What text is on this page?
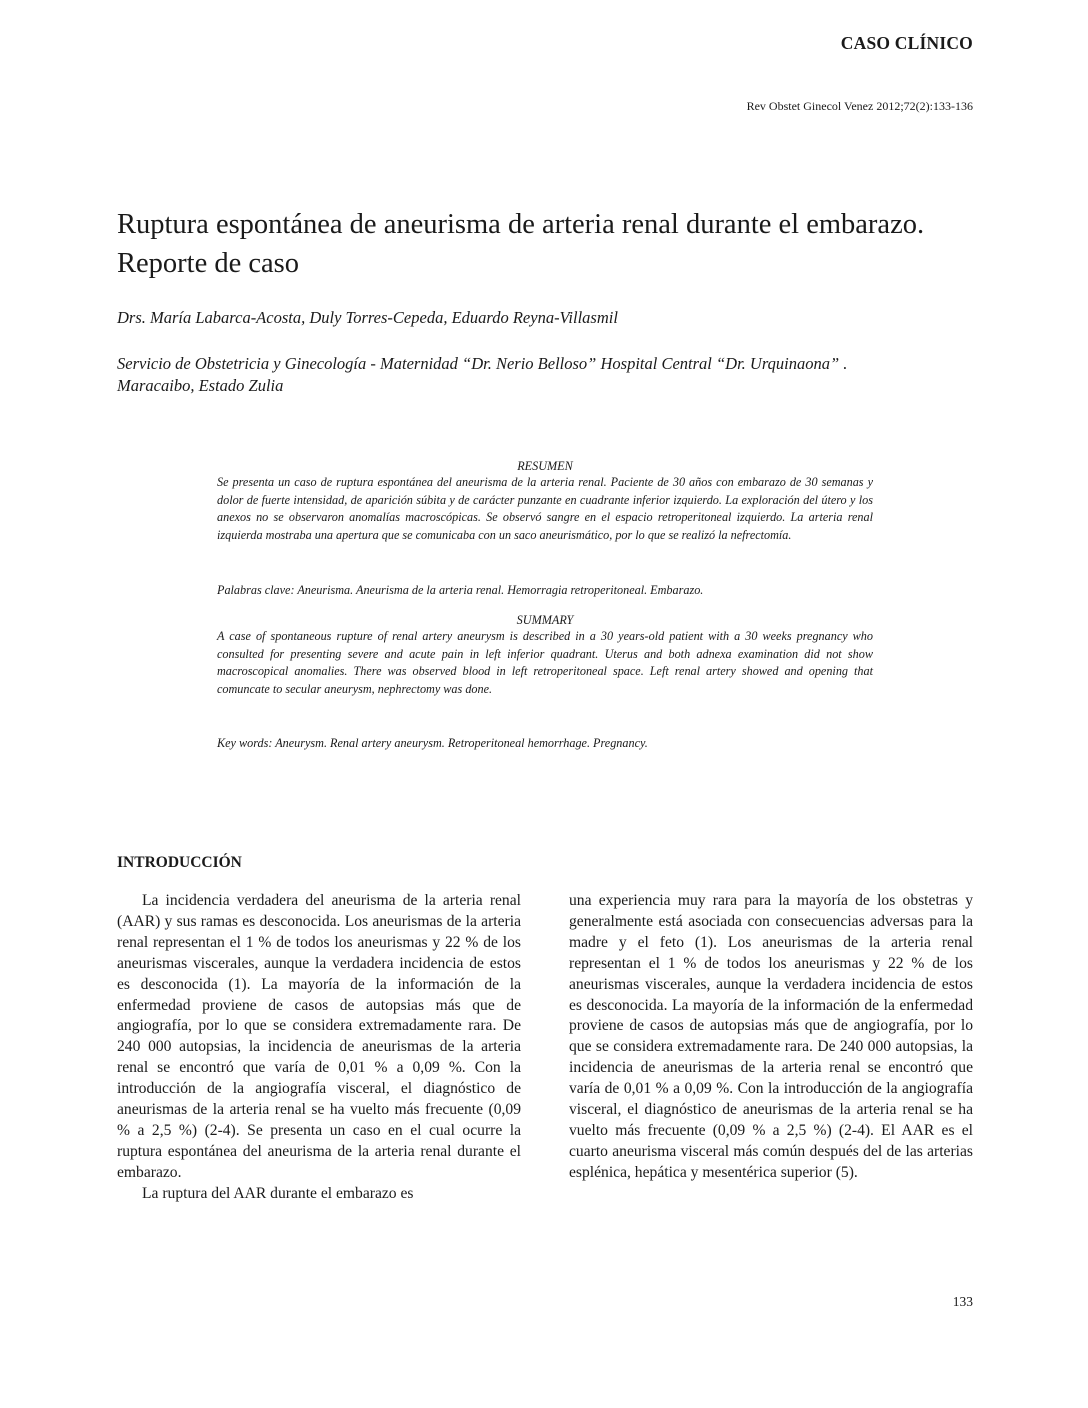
CASO CLÍNICO
Rev Obstet Ginecol Venez 2012;72(2):133-136
Ruptura espontánea de aneurisma de arteria renal durante el embarazo. Reporte de caso
Drs. María Labarca-Acosta, Duly Torres-Cepeda, Eduardo Reyna-Villasmil
Servicio de Obstetricia y Ginecología - Maternidad “Dr. Nerio Belloso” Hospital Central “Dr. Urquinaona” . Maracaibo, Estado Zulia
RESUMEN
Se presenta un caso de ruptura espontánea del aneurisma de la arteria renal. Paciente de 30 años con embarazo de 30 semanas y dolor de fuerte intensidad, de aparición súbita y de carácter punzante en cuadrante inferior izquierdo. La exploración del útero y los anexos no se observaron anomalías macroscópicas. Se observó sangre en el espacio retroperitoneal izquierdo. La arteria renal izquierda mostraba una apertura que se comunicaba con un saco aneurismático, por lo que se realizó la nefrectomía.
Palabras clave: Aneurisma. Aneurisma de la arteria renal. Hemorragia retroperitoneal. Embarazo.
SUMMARY
A case of spontaneous rupture of renal artery aneurysm is described in a 30 years-old patient with a 30 weeks pregnancy who consulted for presenting severe and acute pain in left inferior quadrant. Uterus and both adnexa examination did not show macroscopical anomalies. There was observed blood in left retroperitoneal space. Left renal artery showed and opening that comuncate to secular aneurysm, nephrectomy was done.
Key words: Aneurysm. Renal artery aneurysm. Retroperitoneal hemorrhage. Pregnancy.
INTRODUCCIÓN

La incidencia verdadera del aneurisma de la arteria renal (AAR) y sus ramas es desconocida. Los aneurismas de la arteria renal representan el 1 % de todos los aneurismas y 22 % de los aneurismas viscerales, aunque la verdadera incidencia de estos es desconocida (1). La mayoría de la información de la enfermedad proviene de casos de autopsias más que de angiografía, por lo que se considera extremadamente rara. De 240 000 autopsias, la incidencia de aneurismas de la arteria renal se encontró que varía de 0,01 % a 0,09 %. Con la introducción de la angiografía visceral, el diagnóstico de aneurismas de la arteria renal se ha vuelto más frecuente (0,09 % a 2,5 %) (2-4). Se presenta un caso en el cual ocurre la ruptura espontánea del aneurisma de la arteria renal durante el embarazo.

La ruptura del AAR durante el embarazo es

una experiencia muy rara para la mayoría de los obstetras y generalmente está asociada con consecuencias adversas para la madre y el feto (1). Los aneurismas de la arteria renal representan el 1 % de todos los aneurismas y 22 % de los aneurismas viscerales, aunque la verdadera incidencia de estos es desconocida. La mayoría de la información de la enfermedad proviene de casos de autopsias más que de angiografía, por lo que se considera extremadamente rara. De 240 000 autopsias, la incidencia de aneurismas de la arteria renal se encontró que varía de 0,01 % a 0,09 %. Con la introducción de la angiografía visceral, el diagnóstico de aneurismas de la arteria renal se ha vuelto más frecuente (0,09 % a 2,5 %) (2-4). El AAR es el cuarto aneurisma visceral más común después del de las arterias esplénica, hepática y mesentérica superior (5).

133
